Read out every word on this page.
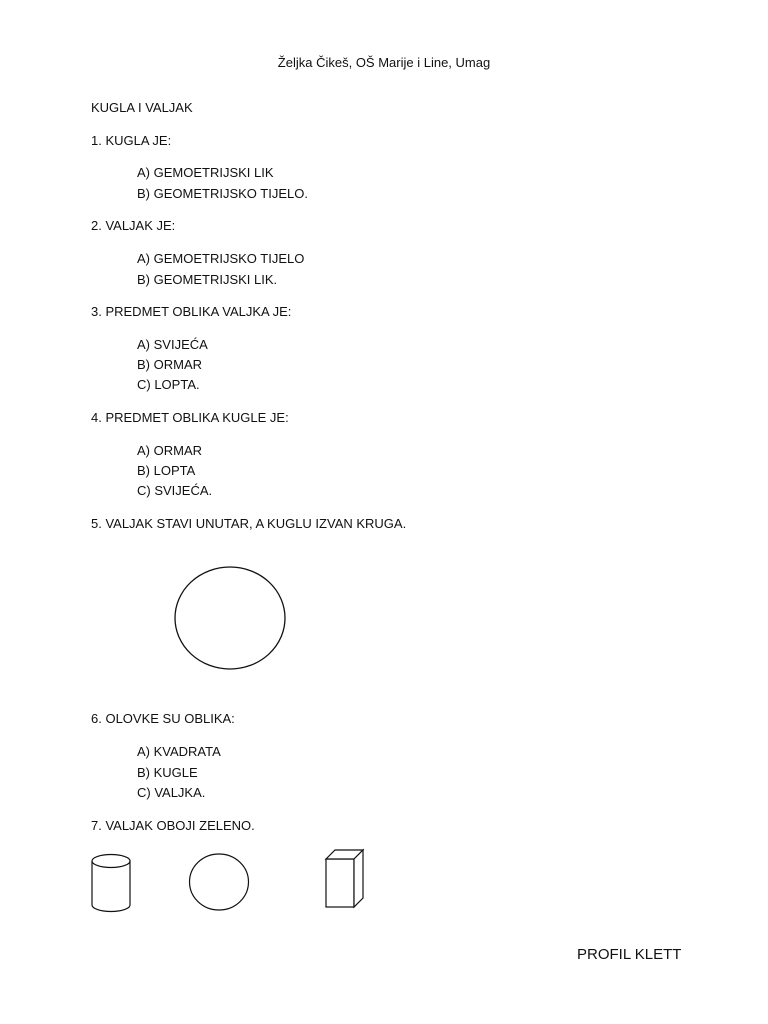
Željka Čikeš, OŠ Marije i Line, Umag
KUGLA I VALJAK
1. KUGLA JE:
A) GEMOETRIJSKI LIK
B) GEOMETRIJSKO TIJELO.
2. VALJAK JE:
A) GEMOETRIJSKO TIJELO
B) GEOMETRIJSKI LIK.
3. PREDMET OBLIKA VALJKA JE:
A) SVIJEĆA
B) ORMAR
C) LOPTA.
4. PREDMET OBLIKA KUGLE JE:
A) ORMAR
B) LOPTA
C) SVIJEĆA.
5. VALJAK STAVI UNUTAR, A KUGLU IZVAN KRUGA.
6. OLOVKE SU OBLIKA:
A) KVADRATA
B) KUGLE
C) VALJKA.
7. VALJAK OBOJI ZELENO.
PROFIL KLETT
